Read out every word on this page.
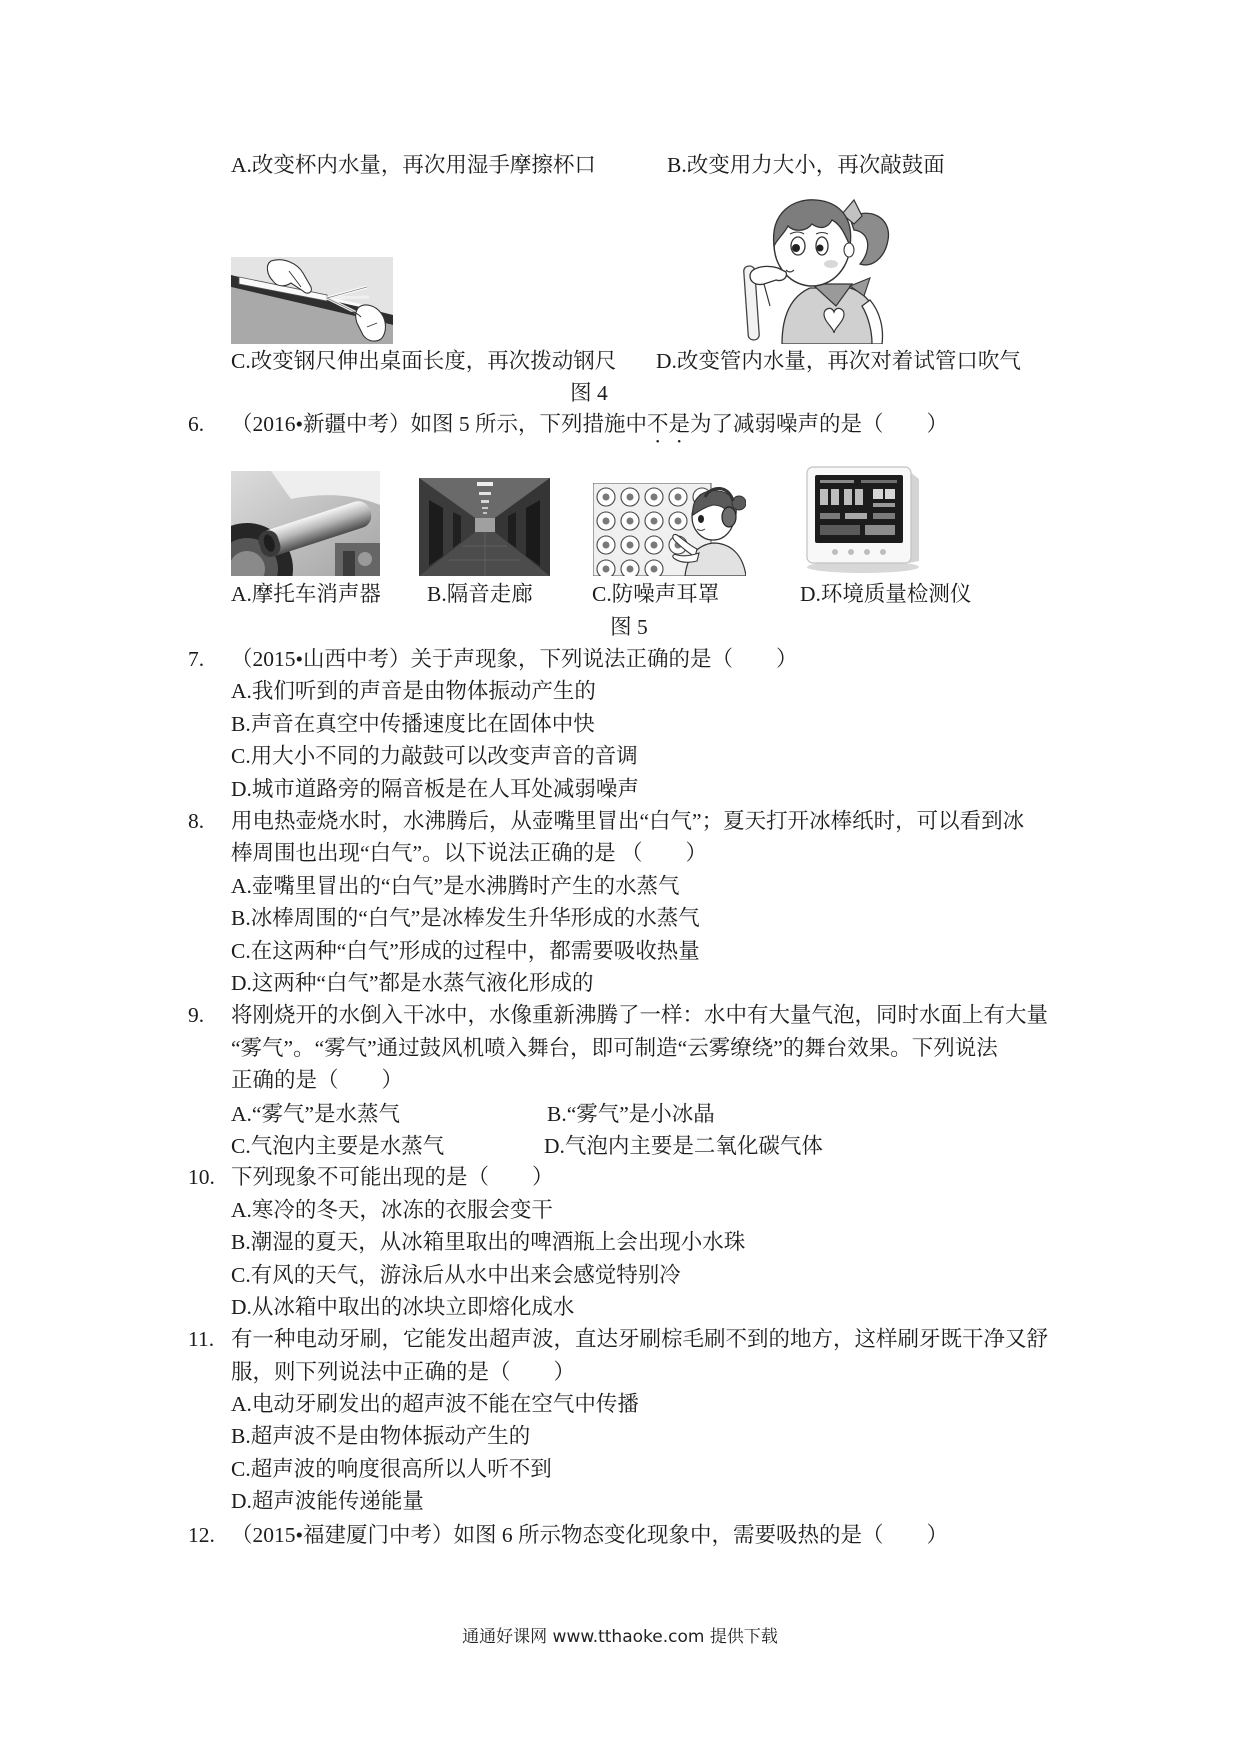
A.改变杯内水量，再次用湿手摩擦杯口	B.改变用力大小，再次敲鼓面
C.改变钢尺伸出桌面长度，再次拨动钢尺 D.改变管内水量，再次对着试管口吹气
图 4
6. （2016•新疆中考）如图 5 所示，下列措施中不是为了减弱噪声的是（　　）
A.摩托车消声器 B.隔音走廊	C.防噪声耳罩	D.环境质量检测仪
图 5
7. （2015•山西中考）关于声现象，下列说法正确的是（　　）
A.我们听到的声音是由物体振动产生的
B.声音在真空中传播速度比在固体中快
C.用大小不同的力敲鼓可以改变声音的音调
D.城市道路旁的隔音板是在人耳处减弱噪声
8. 用电热壶烧水时，水沸腾后，从壶嘴里冒出“白气”；夏天打开冰棒纸时，可以看到冰
棒周围也出现“白气”。以下说法正确的是 （　　）
A.壶嘴里冒出的“白气”是水沸腾时产生的水蒸气
B.冰棒周围的“白气”是冰棒发生升华形成的水蒸气
C.在这两种“白气”形成的过程中，都需要吸收热量
D.这两种“白气”都是水蒸气液化形成的
9. 将刚烧开的水倒入干冰中，水像重新沸腾了一样：水中有大量气泡，同时水面上有大量
“雾气”。“雾气”通过鼓风机喷入舞台，即可制造“云雾缭绕”的舞台效果。下列说法
正确的是（　　）
A.“雾气”是水蒸气	B.“雾气”是小冰晶
C.气泡内主要是水蒸气	D.气泡内主要是二氧化碳气体
10. 下列现象不可能出现的是（　　）
A.寒冷的冬天，冰冻的衣服会变干
B.潮湿的夏天，从冰箱里取出的啤酒瓶上会出现小水珠
C.有风的天气，游泳后从水中出来会感觉特别冷
D.从冰箱中取出的冰块立即熔化成水
11. 有一种电动牙刷，它能发出超声波，直达牙刷棕毛刷不到的地方，这样刷牙既干净又舒
服，则下列说法中正确的是（　　）
A.电动牙刷发出的超声波不能在空气中传播
B.超声波不是由物体振动产生的
C.超声波的响度很高所以人听不到
D.超声波能传递能量
12. （2015•福建厦门中考）如图 6 所示物态变化现象中，需要吸热的是（　　）
通通好课网 www.tthaoke.com 提供下载
